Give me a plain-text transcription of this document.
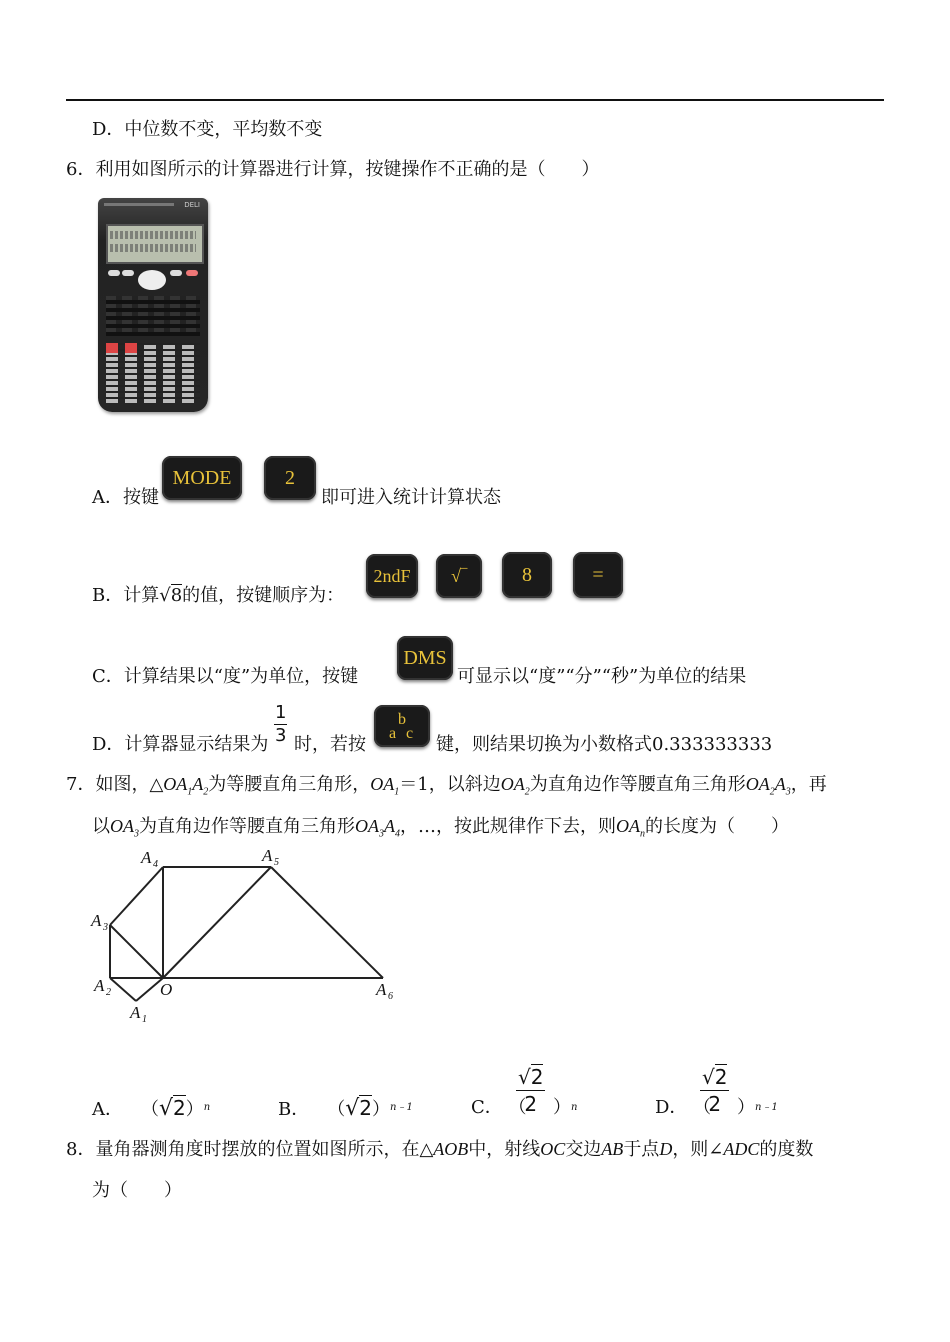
D．中位数不变，平均数不变
6．利用如图所示的计算器进行计算，按键操作不正确的是（　　）
DELI
A．按键
MODE	2
即可进入统计计算状态
B．计算√8的值，按键顺序为：
2ndF	√‾	8	=
C．计算结果以“度”为单位，按键
DMS
可显示以“度”“分”“秒”为单位的结果
D．计算器显示结果为 $\frac{1}{3}$ 时，若按
a
b
c
键，则结果切换为小数格式0.333333333
7．如图，$\triangle OA_1A_2$为等腰直角三角形，$OA_1=1$，以斜边$OA_2$为直角边作等腰直角三角形$OA_2A_3$，再
以$OA_3$为直角边作等腰直角三角形$OA_3A_4$，…，按此规律作下去，则$OA_n$的长度为（　　）
A 4	A 5
A 3
A 2	O
A 1
A 6
A．  $(√2)^n$	B．  $(√2)^{n﹣1}$	C． （
√2
2 ）$^n$	D． （
√2
2 ）$^{n﹣1}$
8．量角器测角度时摆放的位置如图所示，在△AOB中，射线OC交边AB于点D，则∠ADC的度数
为（　　）
